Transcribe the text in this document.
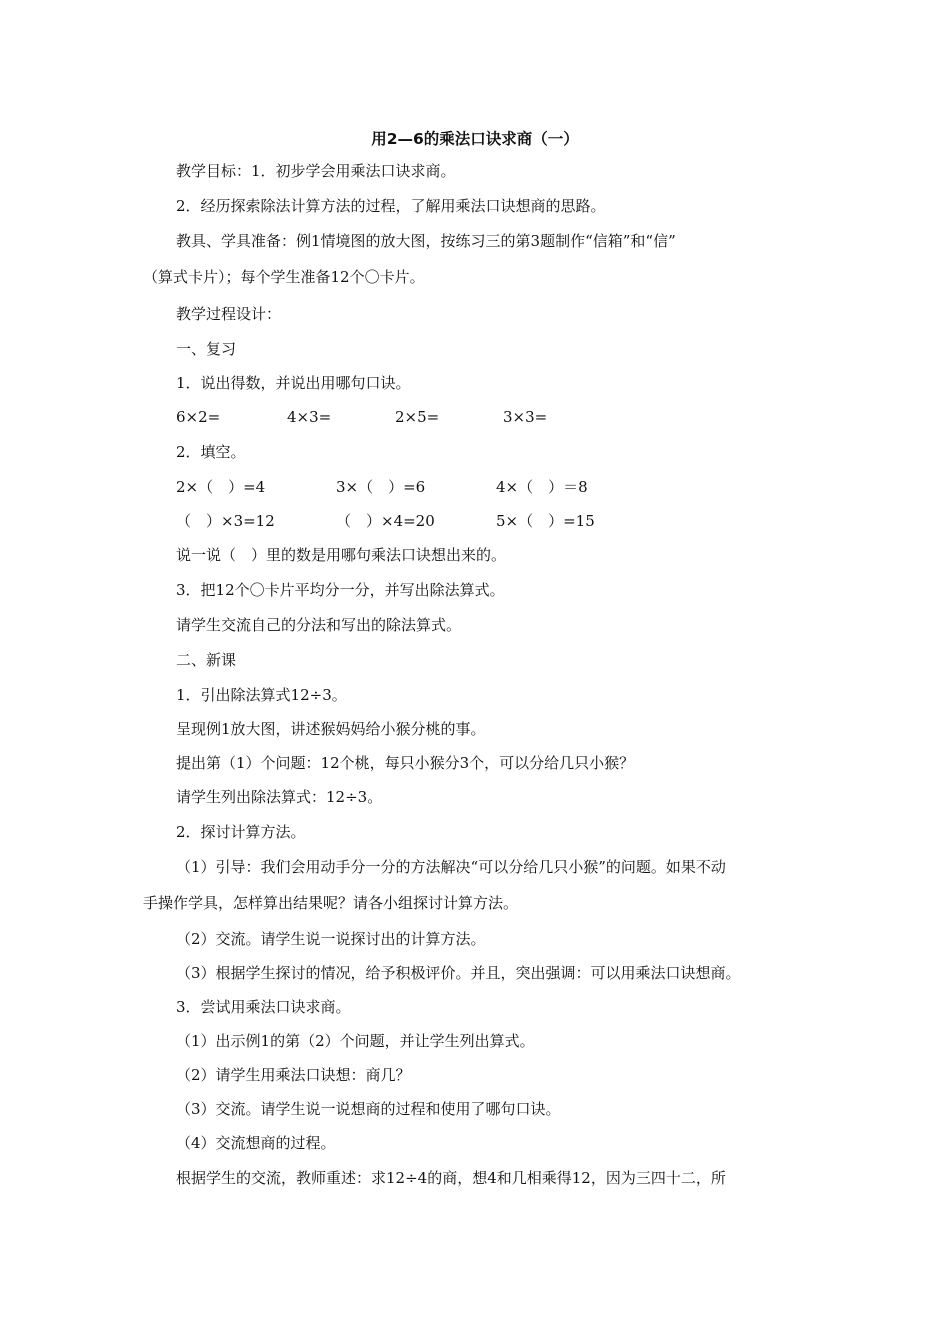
用2—6的乘法口诀求商（一）
教学目标：1．初步学会用乘法口诀求商。
2．经历探索除法计算方法的过程，了解用乘法口诀想商的思路。
教具、学具准备：例1情境图的放大图，按练习三的第3题制作“信箱”和“信”
（算式卡片）；每个学生准备12个〇卡片。
教学过程设计：
一、复习
1．说出得数，并说出用哪句口诀。
6×2=	4×3=	2×5=	3×3=
2．填空。
2×（　）=4	3×（　）=6	4×（　）＝8
（　）×3=12	（　）×4=20	5×（　）=15
说一说（　）里的数是用哪句乘法口诀想出来的。
3．把12个〇卡片平均分一分，并写出除法算式。
请学生交流自己的分法和写出的除法算式。
二、新课
1．引出除法算式12÷3。
呈现例1放大图，讲述猴妈妈给小猴分桃的事。
提出第（1）个问题：12个桃，每只小猴分3个，可以分给几只小猴？
请学生列出除法算式：12÷3。
2．探讨计算方法。
（1）引导：我们会用动手分一分的方法解决“可以分给几只小猴”的问题。如果不动
手操作学具，怎样算出结果呢？请各小组探讨计算方法。
（2）交流。请学生说一说探讨出的计算方法。
（3）根据学生探讨的情况，给予积极评价。并且，突出强调：可以用乘法口诀想商。
3．尝试用乘法口诀求商。
（1）出示例1的第（2）个问题，并让学生列出算式。
（2）请学生用乘法口诀想：商几？
（3）交流。请学生说一说想商的过程和使用了哪句口诀。
（4）交流想商的过程。
根据学生的交流，教师重述：求12÷4的商，想4和几相乘得12，因为三四十二，所
